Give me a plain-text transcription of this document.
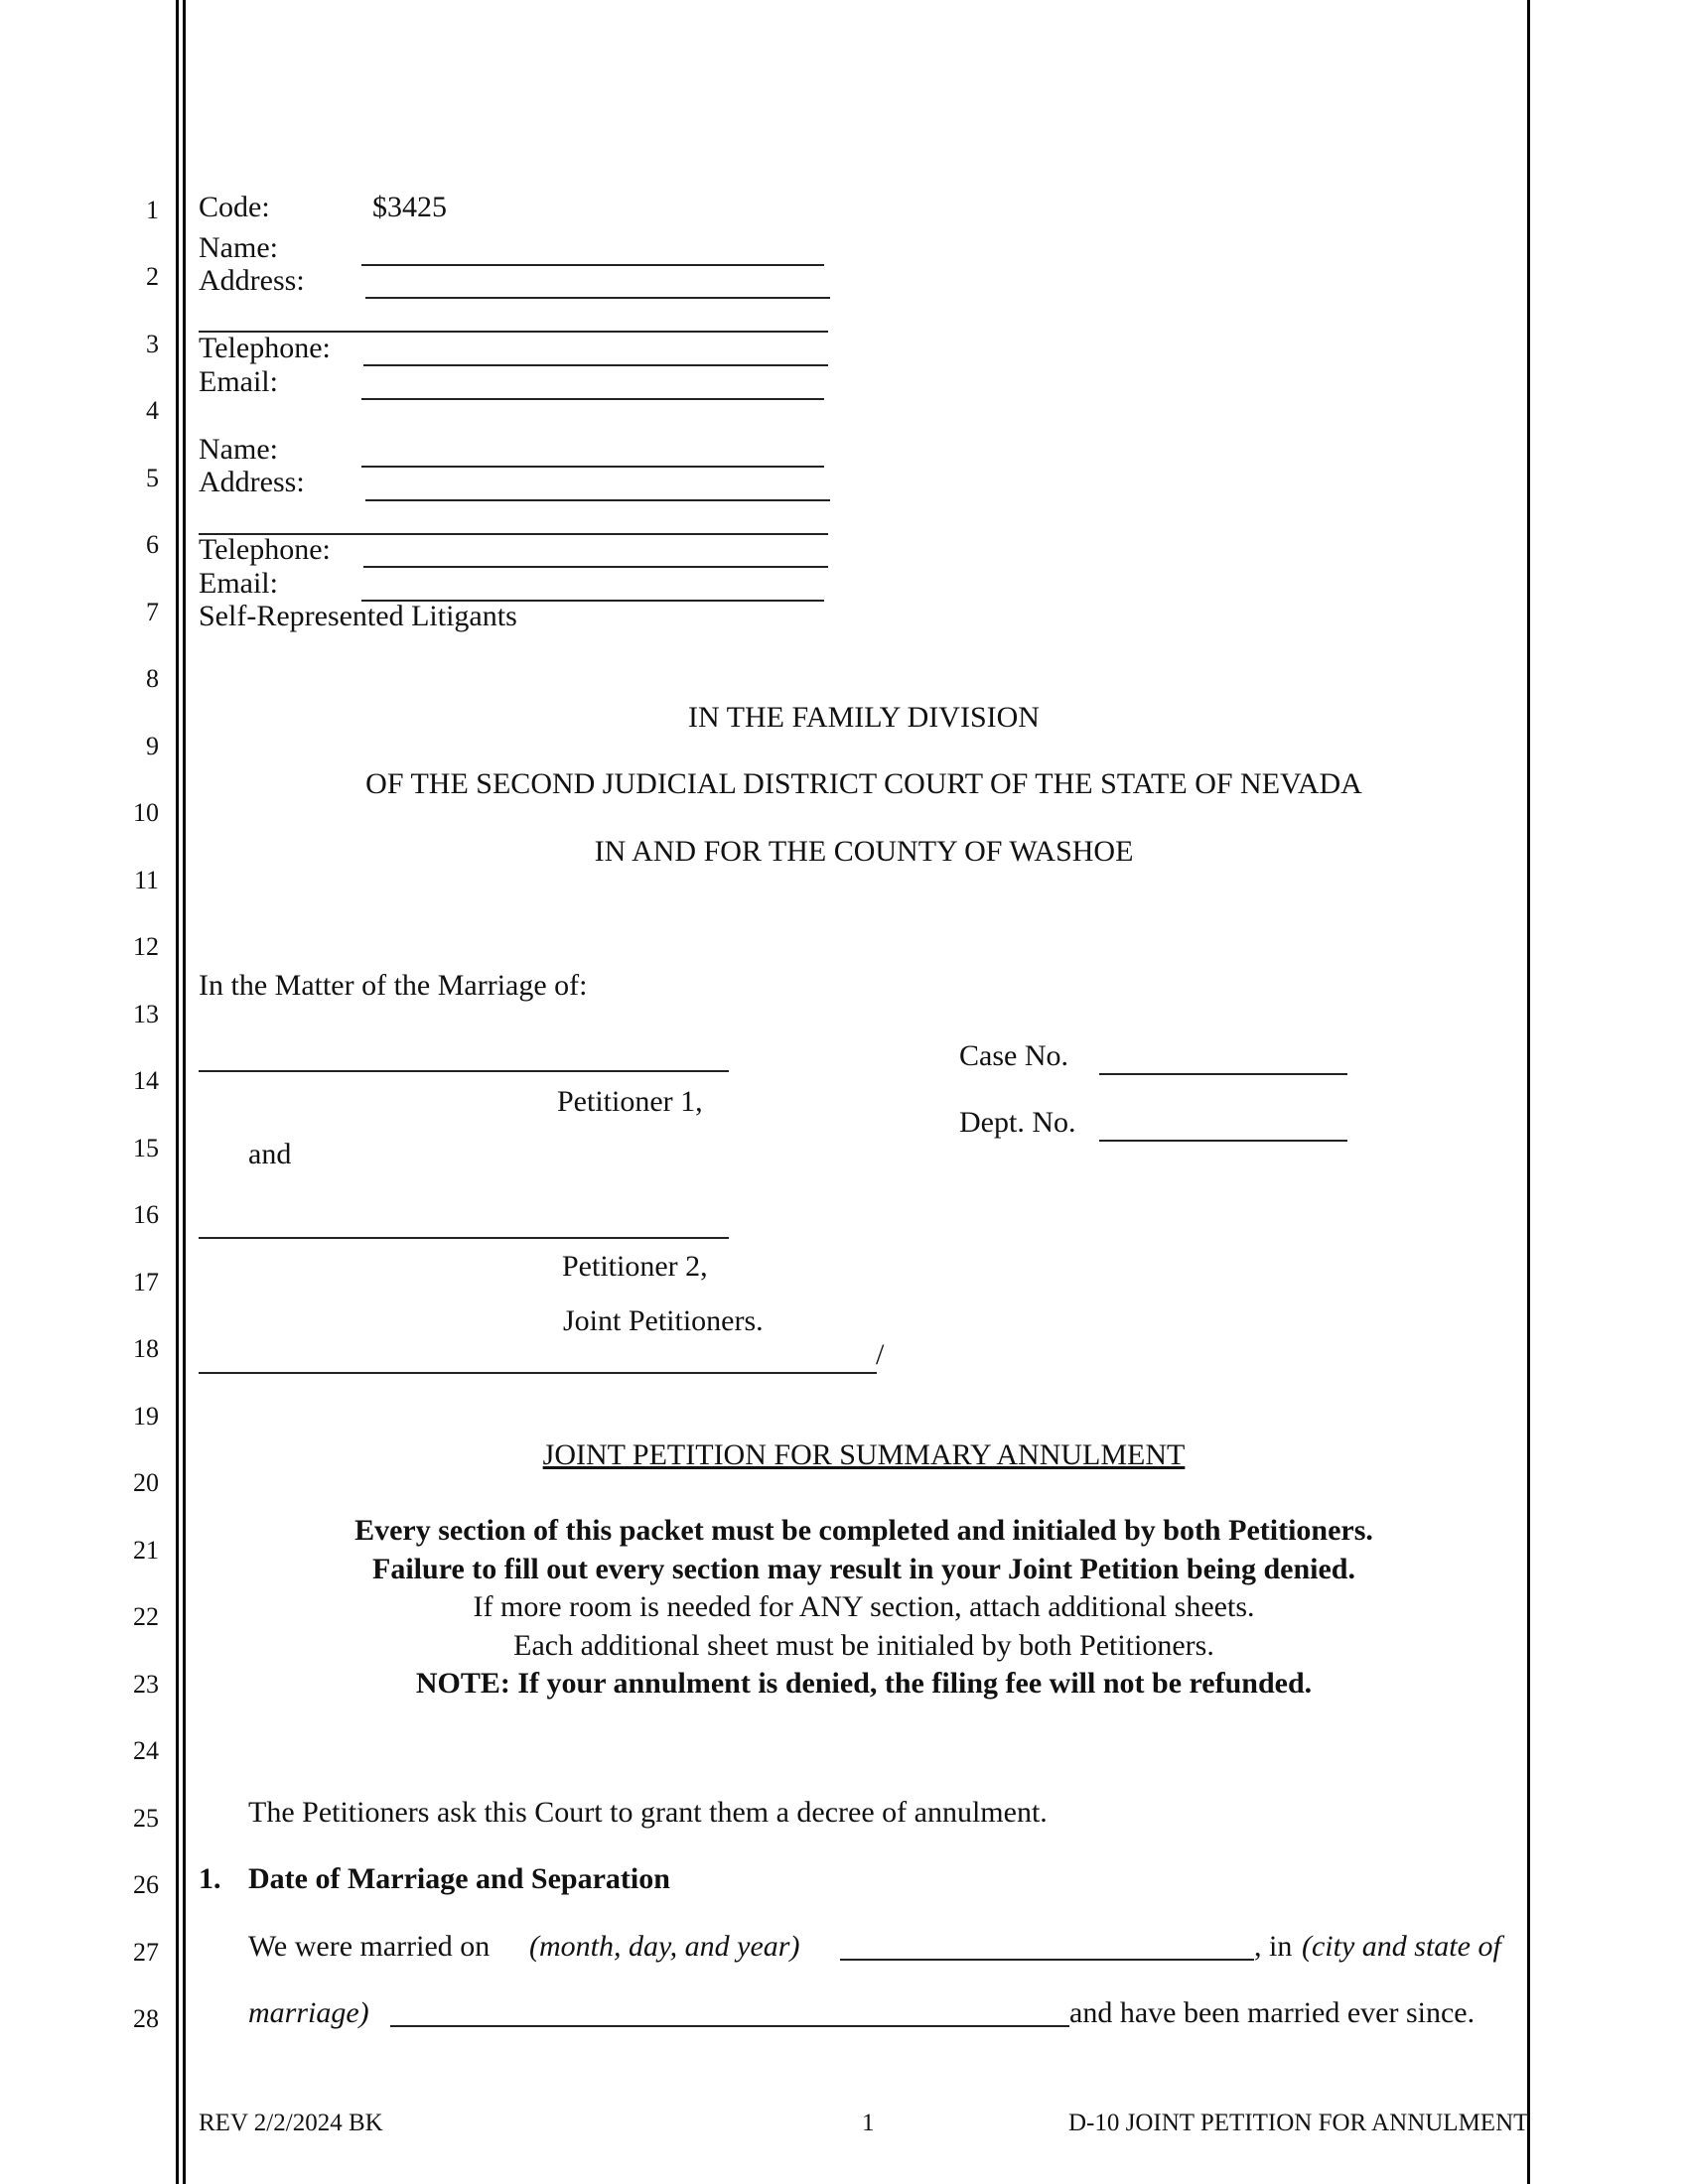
1
2
3
4
5
6
7
8
9
10
11
12
13
14
15
16
17
18
19
20
21
22
23
24
25
26
27
28
Code:	$3425
Name:
Address:
Telephone:
Email:
Name:
Address:
Telephone:
Email:
Self-Represented Litigants
IN THE FAMILY DIVISION
OF THE SECOND JUDICIAL DISTRICT COURT OF THE STATE OF NEVADA
IN AND FOR THE COUNTY OF WASHOE
In the Matter of the Marriage of:
Petitioner 1,
and
Petitioner 2,
Joint Petitioners.
/
Case No.
Dept. No.
JOINT PETITION FOR SUMMARY ANNULMENT
Every section of this packet must be completed and initialed by both Petitioners.
Failure to fill out every section may result in your Joint Petition being denied.
If more room is needed for ANY section, attach additional sheets.
Each additional sheet must be initialed by both Petitioners.
NOTE: If your annulment is denied, the filing fee will not be refunded.
The Petitioners ask this Court to grant them a decree of annulment.
1. Date of Marriage and Separation
We were married on (month, day, and year)	, in (city and state of
marriage)	and have been married ever since.
REV 2/2/2024 BK	1	D-10 JOINT PETITION FOR ANNULMENT
